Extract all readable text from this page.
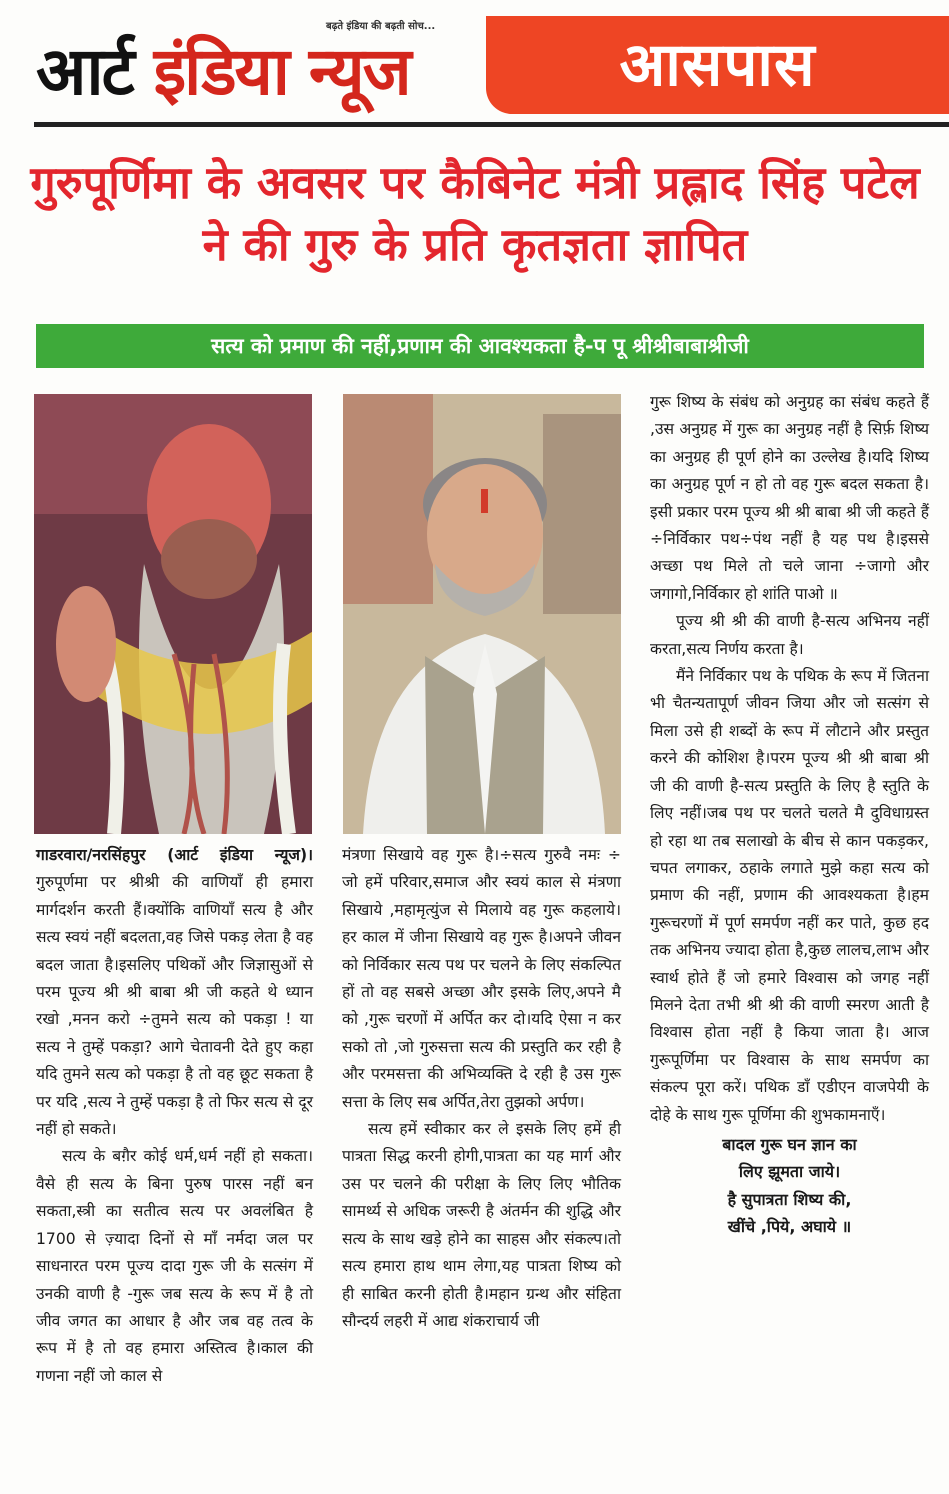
बढ़ते इंडिया की बढ़ती सोच...
आर्ट इंडिया न्यूज	आसपास
गुरुपूर्णिमा के अवसर पर कैबिनेट मंत्री प्रह्लाद सिंह पटेल ने की गुरु के प्रति कृतज्ञता ज्ञापित
सत्य को प्रमाण की नहीं,प्रणाम की आवश्यकता है-प पू श्रीश्रीबाबाश्रीजी

गाडरवारा/नरसिंहपुर (आर्ट इंडिया न्यूज)। गुरुपूर्णमा पर श्रीश्री की वाणियाँ ही हमारा मार्गदर्शन करती हैं।क्योंकि वाणियाँ सत्य है और सत्य स्वयं नहीं बदलता,वह जिसे पकड़ लेता है वह बदल जाता है।इसलिए पथिकों और जिज्ञासुओं से परम पूज्य श्री श्री बाबा श्री जी कहते थे ध्यान रखो ,मनन करो ÷तुमने सत्य को पकड़ा ! या सत्य ने तुम्हें पकड़ा? आगे चेतावनी देते हुए कहा यदि तुमने सत्य को पकड़ा है तो वह छूट सकता है पर यदि ,सत्य ने तुम्हें पकड़ा है तो फिर सत्य से दूर नहीं हो सकते।

सत्य के बग़ैर कोई धर्म,धर्म नहीं हो सकता।वैसे ही सत्य के बिना पुरुष पारस नहीं बन सकता,स्त्री का सतीत्व सत्य पर अवलंबित है 1700 से ज़्यादा दिनों से माँ नर्मदा जल पर साधनारत परम पूज्य दादा गुरू जी के सत्संग में उनकी वाणी है -गुरू जब सत्य के रूप में है तो जीव जगत का आधार है और जब वह तत्व के रूप में है तो वह हमारा अस्तित्व है।काल की गणना नहीं जो काल से

मंत्रणा सिखाये वह गुरू है।÷सत्य गुरुवै नमः ÷ जो हमें परिवार,समाज और स्वयं काल से मंत्रणा सिखाये ,महामृत्युंज से मिलाये वह गुरू कहलाये।हर काल में जीना सिखाये वह गुरू है।अपने जीवन को निर्विकार सत्य पथ पर चलने के लिए संकल्पित हों तो वह सबसे अच्छा और इसके लिए,अपने मै को ,गुरू चरणों में अर्पित कर दो।यदि ऐसा न कर सको तो ,जो गुरुसत्ता सत्य की प्रस्तुति कर रही है और परमसत्ता की अभिव्यक्ति दे रही है उस गुरू सत्ता के लिए सब अर्पित,तेरा तुझको अर्पण।

सत्य हमें स्वीकार कर ले इसके लिए हमें ही पात्रता सिद्ध करनी होगी,पात्रता का यह मार्ग और उस पर चलने की परीक्षा के लिए लिए भौतिक सामर्थ्य से अधिक जरूरी है अंतर्मन की शुद्धि और सत्य के साथ खड़े होने का साहस और संकल्प।तो सत्य हमारा हाथ थाम लेगा,यह पात्रता शिष्य को ही साबित करनी होती है।महान ग्रन्थ और संहिता सौन्दर्य लहरी में आद्य शंकराचार्य जी

गुरू शिष्य के संबंध को अनुग्रह का संबंध कहते हैं ,उस अनुग्रह में गुरू का अनुग्रह नहीं है सिर्फ़ शिष्य का अनुग्रह ही पूर्ण होने का उल्लेख है।यदि शिष्य का अनुग्रह पूर्ण न हो तो वह गुरू बदल सकता है।इसी प्रकार परम पूज्य श्री श्री बाबा श्री जी कहते हैं ÷निर्विकार पथ÷पंथ नहीं है यह पथ है।इससे अच्छा पथ मिले तो चले जाना ÷जागो और जगागो,निर्विकार हो शांति पाओ ॥

पूज्य श्री श्री की वाणी है-सत्य अभिनय नहीं करता,सत्य निर्णय करता है।

मैंने निर्विकार पथ के पथिक के रूप में जितना भी चैतन्यतापूर्ण जीवन जिया और जो सत्संग से मिला उसे ही शब्दों के रूप में लौटाने और प्रस्तुत करने की कोशिश है।परम पूज्य श्री श्री बाबा श्री जी की वाणी है-सत्य प्रस्तुति के लिए है स्तुति के लिए नहीं।जब पथ पर चलते चलते मै दुविधाग्रस्त हो रहा था तब सलाखो के बीच से कान पकड़कर, चपत लगाकर, ठहाके लगाते मुझे कहा सत्य को प्रमाण की नहीं, प्रणाम की आवश्यकता है।हम गुरूचरणों में पूर्ण समर्पण नहीं कर पाते, कुछ हद तक अभिनय ज्यादा होता है,कुछ लालच,लाभ और स्वार्थ होते हैं जो हमारे विश्वास को जगह नहीं मिलने देता तभी श्री श्री की वाणी स्मरण आती है विश्वास होता नहीं है किया जाता है। आज गुरूपूर्णिमा पर विश्वास के साथ समर्पण का संकल्प पूरा करें। पथिक डॉं एडीएन वाजपेयी के दोहे के साथ गुरू पूर्णिमा की शुभकामनाएँ।

बादल गुरू घन ज्ञान का
लिए झूमता जाये।
है सुपात्रता शिष्य की,
खींचे ,पिये, अघाये ॥
